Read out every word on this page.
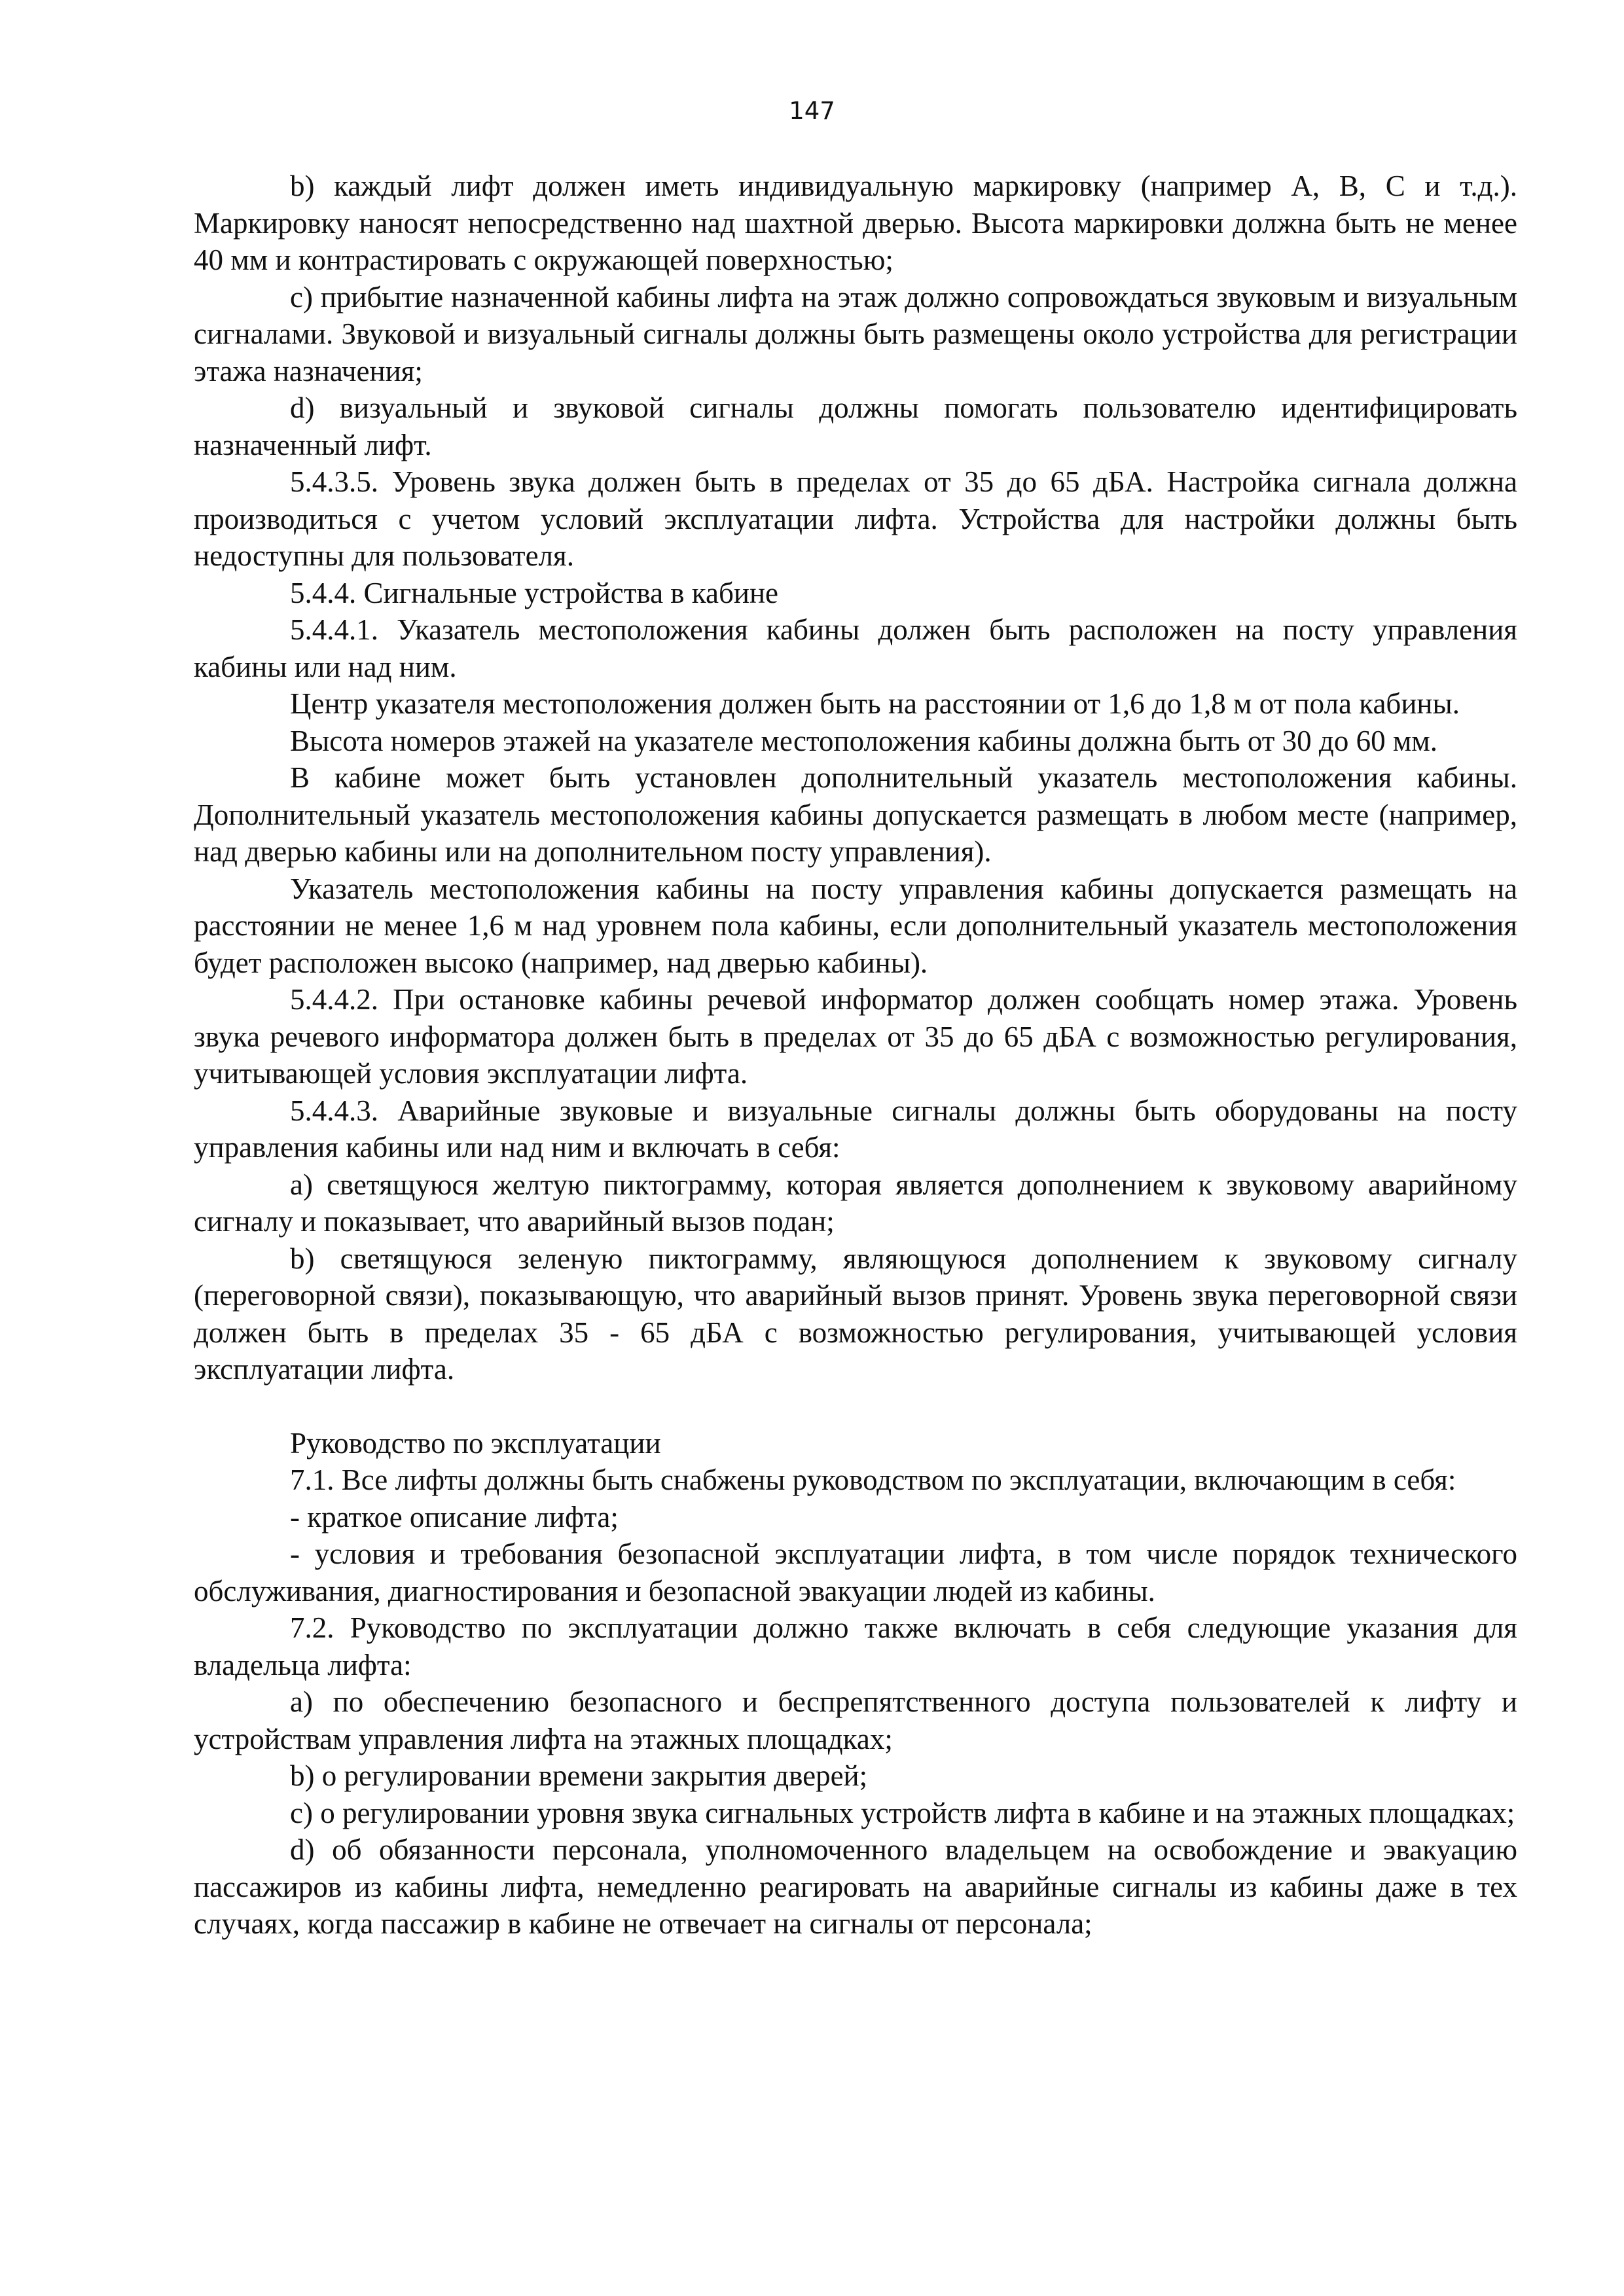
147

b) каждый лифт должен иметь индивидуальную маркировку (например A, B, C и т.д.). Маркировку наносят непосредственно над шахтной дверью. Высота маркировки должна быть не менее 40 мм и контрастировать с окружающей поверхностью;

c) прибытие назначенной кабины лифта на этаж должно сопровождаться звуковым и визуальным сигналами. Звуковой и визуальный сигналы должны быть размещены около устройства для регистрации этажа назначения;

d) визуальный и звуковой сигналы должны помогать пользователю идентифицировать назначенный лифт.

5.4.3.5. Уровень звука должен быть в пределах от 35 до 65 дБА. Настройка сигнала должна производиться с учетом условий эксплуатации лифта. Устройства для настройки должны быть недоступны для пользователя.

5.4.4. Сигнальные устройства в кабине

5.4.4.1. Указатель местоположения кабины должен быть расположен на посту управления кабины или над ним.

Центр указателя местоположения должен быть на расстоянии от 1,6 до 1,8 м от пола кабины.

Высота номеров этажей на указателе местоположения кабины должна быть от 30 до 60 мм.

В кабине может быть установлен дополнительный указатель местоположения кабины. Дополнительный указатель местоположения кабины допускается размещать в любом месте (например, над дверью кабины или на дополнительном посту управления).

Указатель местоположения кабины на посту управления кабины допускается размещать на расстоянии не менее 1,6 м над уровнем пола кабины, если дополнительный указатель местоположения будет расположен высоко (например, над дверью кабины).

5.4.4.2. При остановке кабины речевой информатор должен сообщать номер этажа. Уровень звука речевого информатора должен быть в пределах от 35 до 65 дБА с возможностью регулирования, учитывающей условия эксплуатации лифта.

5.4.4.3. Аварийные звуковые и визуальные сигналы должны быть оборудованы на посту управления кабины или над ним и включать в себя:

a) светящуюся желтую пиктограмму, которая является дополнением к звуковому аварийному сигналу и показывает, что аварийный вызов подан;

b) светящуюся зеленую пиктограмму, являющуюся дополнением к звуковому сигналу (переговорной связи), показывающую, что аварийный вызов принят. Уровень звука переговорной связи должен быть в пределах 35 - 65 дБА с возможностью регулирования, учитывающей условия эксплуатации лифта.

Руководство по эксплуатации

7.1. Все лифты должны быть снабжены руководством по эксплуатации, включающим в себя:

- краткое описание лифта;

- условия и требования безопасной эксплуатации лифта, в том числе порядок технического обслуживания, диагностирования и безопасной эвакуации людей из кабины.

7.2. Руководство по эксплуатации должно также включать в себя следующие указания для владельца лифта:

a) по обеспечению безопасного и беспрепятственного доступа пользователей к лифту и устройствам управления лифта на этажных площадках;

b) о регулировании времени закрытия дверей;

c) о регулировании уровня звука сигнальных устройств лифта в кабине и на этажных площадках;

d) об обязанности персонала, уполномоченного владельцем на освобождение и эвакуацию пассажиров из кабины лифта, немедленно реагировать на аварийные сигналы из кабины даже в тех случаях, когда пассажир в кабине не отвечает на сигналы от персонала;
